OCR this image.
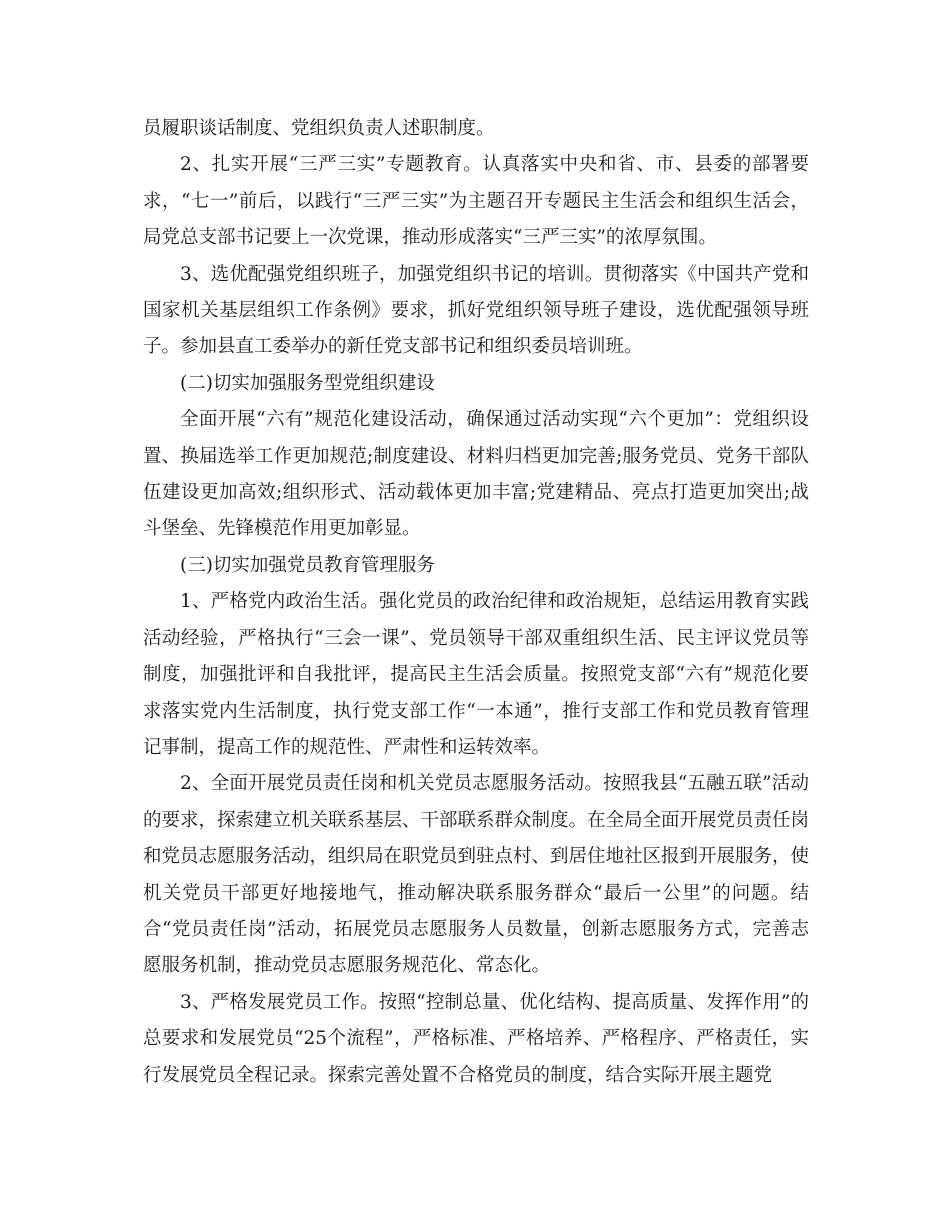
员履职谈话制度、党组织负责人述职制度。

2、扎实开展“三严三实”专题教育。认真落实中央和省、市、县委的部署要求，“七一”前后，以践行“三严三实”为主题召开专题民主生活会和组织生活会，局党总支部书记要上一次党课，推动形成落实“三严三实”的浓厚氛围。

3、选优配强党组织班子，加强党组织书记的培训。贯彻落实《中国共产党和国家机关基层组织工作条例》要求，抓好党组织领导班子建设，选优配强领导班子。参加县直工委举办的新任党支部书记和组织委员培训班。

(二)切实加强服务型党组织建设

全面开展“六有”规范化建设活动，确保通过活动实现“六个更加”：党组织设置、换届选举工作更加规范;制度建设、材料归档更加完善;服务党员、党务干部队伍建设更加高效;组织形式、活动载体更加丰富;党建精品、亮点打造更加突出;战斗堡垒、先锋模范作用更加彰显。

(三)切实加强党员教育管理服务

1、严格党内政治生活。强化党员的政治纪律和政治规矩，总结运用教育实践活动经验，严格执行“三会一课”、党员领导干部双重组织生活、民主评议党员等制度，加强批评和自我批评，提高民主生活会质量。按照党支部“六有”规范化要求落实党内生活制度，执行党支部工作“一本通”，推行支部工作和党员教育管理记事制，提高工作的规范性、严肃性和运转效率。

2、全面开展党员责任岗和机关党员志愿服务活动。按照我县“五融五联”活动的要求，探索建立机关联系基层、干部联系群众制度。在全局全面开展党员责任岗和党员志愿服务活动，组织局在职党员到驻点村、到居住地社区报到开展服务，使机关党员干部更好地接地气，推动解决联系服务群众“最后一公里”的问题。结合“党员责任岗”活动，拓展党员志愿服务人员数量，创新志愿服务方式，完善志愿服务机制，推动党员志愿服务规范化、常态化。

3、严格发展党员工作。按照“控制总量、优化结构、提高质量、发挥作用”的总要求和发展党员“25个流程”，严格标准、严格培养、严格程序、严格责任，实行发展党员全程记录。探索完善处置不合格党员的制度，结合实际开展主题党
